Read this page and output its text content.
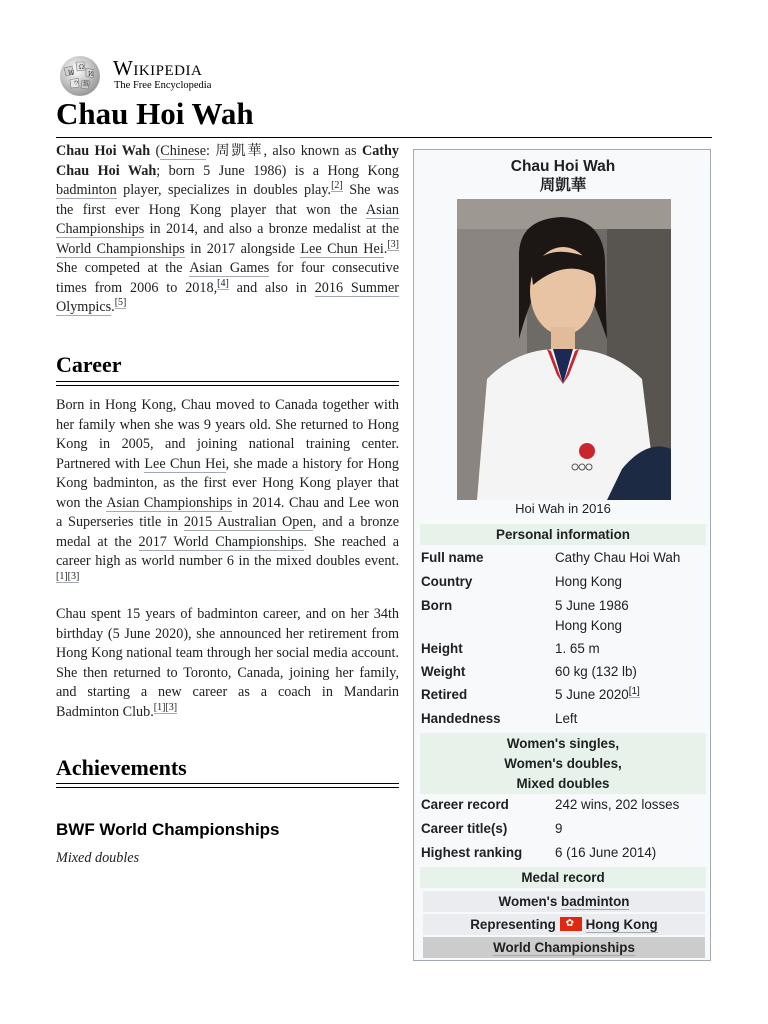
W
Ω
И
ウ 維
Wikipedia
The Free Encyclopedia
Chau Hoi Wah

Chau Hoi Wah (Chinese: 周凱華, also known as Cathy Chau Hoi Wah; born 5 June 1986) is a Hong Kong badminton player, specializes in doubles play.[2] She was the first ever Hong Kong player that won the Asian Championships in 2014, and also a bronze medalist at the World Championships in 2017 alongside Lee Chun Hei.[3] She competed at the Asian Games for four consecutive times from 2006 to 2018,[4] and also in 2016 Summer Olympics.[5]

Career

Born in Hong Kong, Chau moved to Canada together with her family when she was 9 years old. She returned to Hong Kong in 2005, and joining national training center. Partnered with Lee Chun Hei, she made a history for Hong Kong badminton, as the first ever Hong Kong player that won the Asian Championships in 2014. Chau and Lee won a Superseries title in 2015 Australian Open, and a bronze medal at the 2017 World Championships. She reached a career high as world number 6 in the mixed doubles event.[1][3]

Chau spent 15 years of badminton career, and on her 34th birthday (5 June 2020), she announced her retirement from Hong Kong national team through her social media account. She then returned to Toronto, Canada, joining her family, and starting a new career as a coach in Mandarin Badminton Club.[1][3]

Achievements
BWF World Championships
Mixed doubles
Chau Hoi Wah
周凱華
Hoi Wah in 2016
Personal information
Full name	Cathy Chau Hoi Wah
Country	Hong Kong
Born	5 June 1986
Hong Kong
Height	1. 65 m
Weight	60 kg (132 lb)
Retired	5 June 2020[1]
Handedness	Left
Women's singles,
Women's doubles,
Mixed doubles
Career record	242 wins, 202 losses
Career title(s)	9
Highest ranking 6 (16 June 2014)
Medal record
Women's badminton
Representing ✿ Hong Kong
World Championships
